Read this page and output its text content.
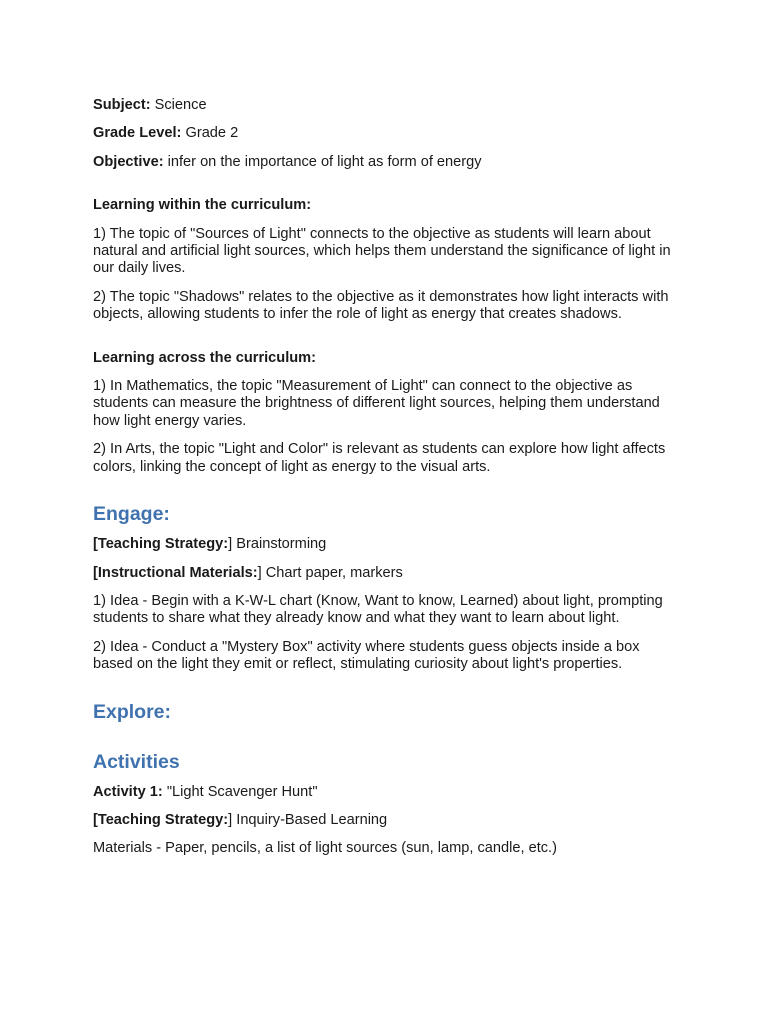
Subject: Science

Grade Level: Grade 2

Objective: infer on the importance of light as form of energy

Learning within the curriculum:

1) The topic of "Sources of Light" connects to the objective as students will learn about natural and artificial light sources, which helps them understand the significance of light in our daily lives.

2) The topic "Shadows" relates to the objective as it demonstrates how light interacts with objects, allowing students to infer the role of light as energy that creates shadows.

Learning across the curriculum:

1) In Mathematics, the topic "Measurement of Light" can connect to the objective as students can measure the brightness of different light sources, helping them understand how light energy varies.

2) In Arts, the topic "Light and Color" is relevant as students can explore how light affects colors, linking the concept of light as energy to the visual arts.

Engage:

[Teaching Strategy:] Brainstorming

[Instructional Materials:] Chart paper, markers

1) Idea - Begin with a K-W-L chart (Know, Want to know, Learned) about light, prompting students to share what they already know and what they want to learn about light.

2) Idea - Conduct a "Mystery Box" activity where students guess objects inside a box based on the light they emit or reflect, stimulating curiosity about light's properties.

Explore:
Activities

Activity 1: "Light Scavenger Hunt"

[Teaching Strategy:] Inquiry-Based Learning

Materials - Paper, pencils, a list of light sources (sun, lamp, candle, etc.)
